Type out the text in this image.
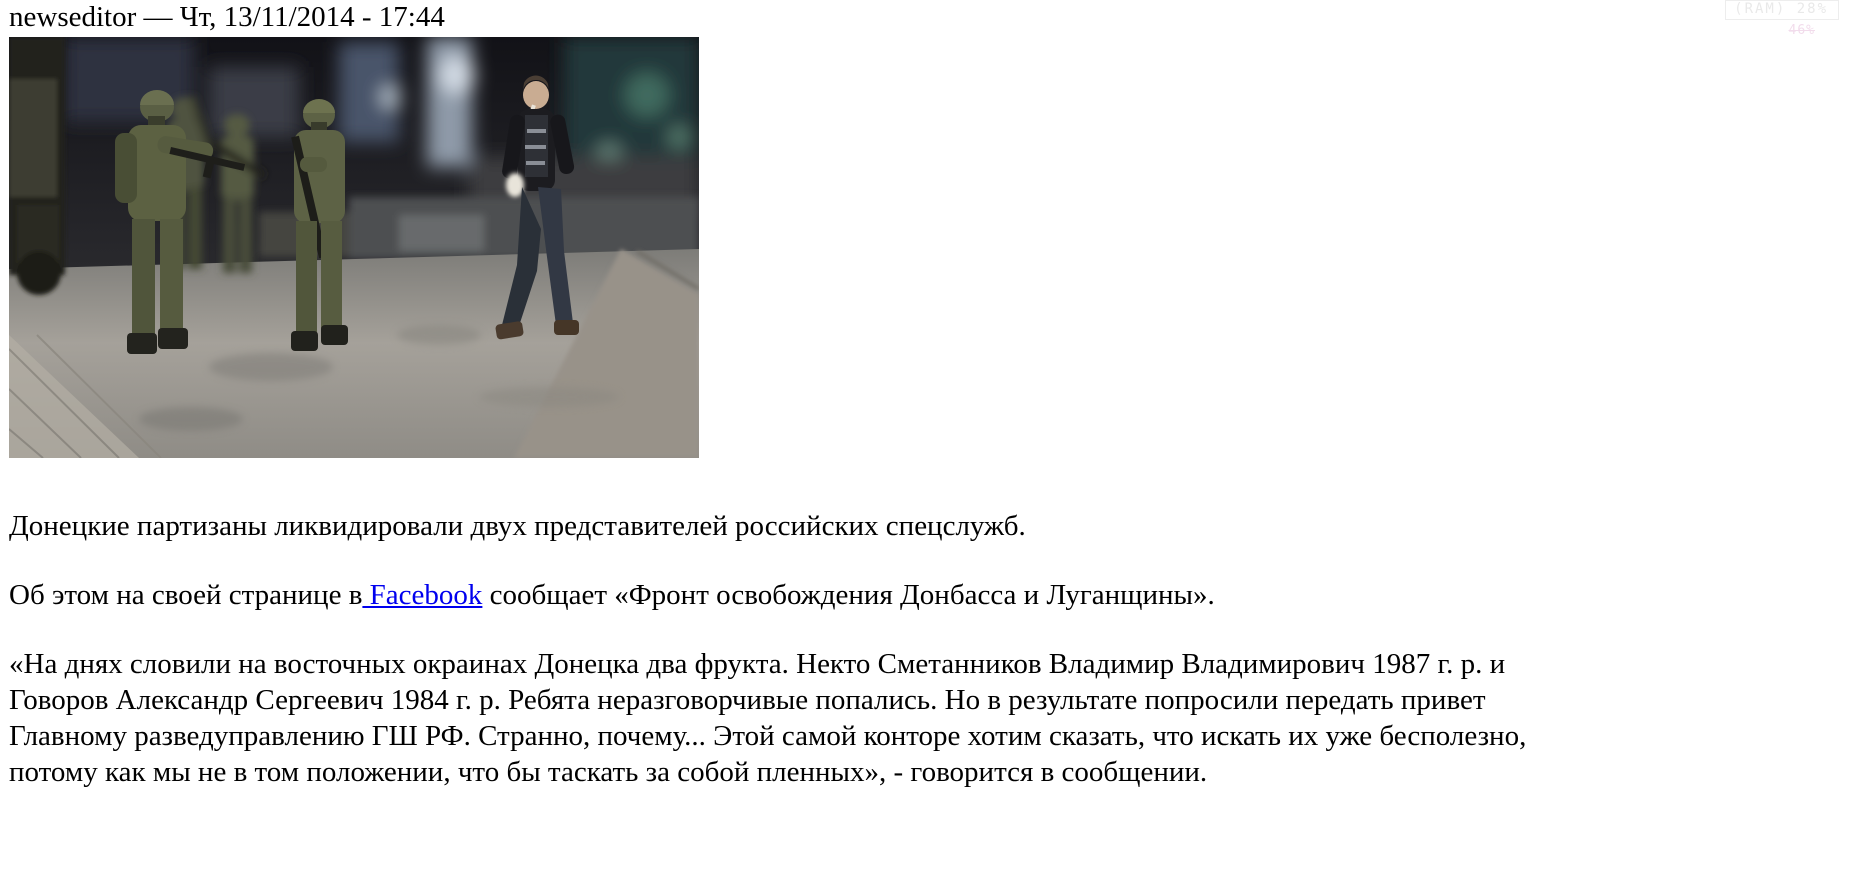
newseditor — Чт, 13/11/2014 - 17:44

Донецкие партизаны ликвидировали двух представителей российских спецслужб.

Об этом на своей странице в Facebook сообщает «Фронт освобождения Донбасса и Луганщины».

«На днях словили на восточных окраинах Донецка два фрукта. Некто Сметанников Владимир Владимирович 1987 г. р. и Говоров Александр Сергеевич 1984 г. р. Ребята неразговорчивые попались. Но в результате попросили передать привет Главному разведуправлению ГШ РФ. Странно, почему... Этой самой конторе хотим сказать, что искать их уже бесполезно, потому как мы не в том положении, что бы таскать за собой пленных», - говорится в сообщении.

(RAM) 28%
46%
